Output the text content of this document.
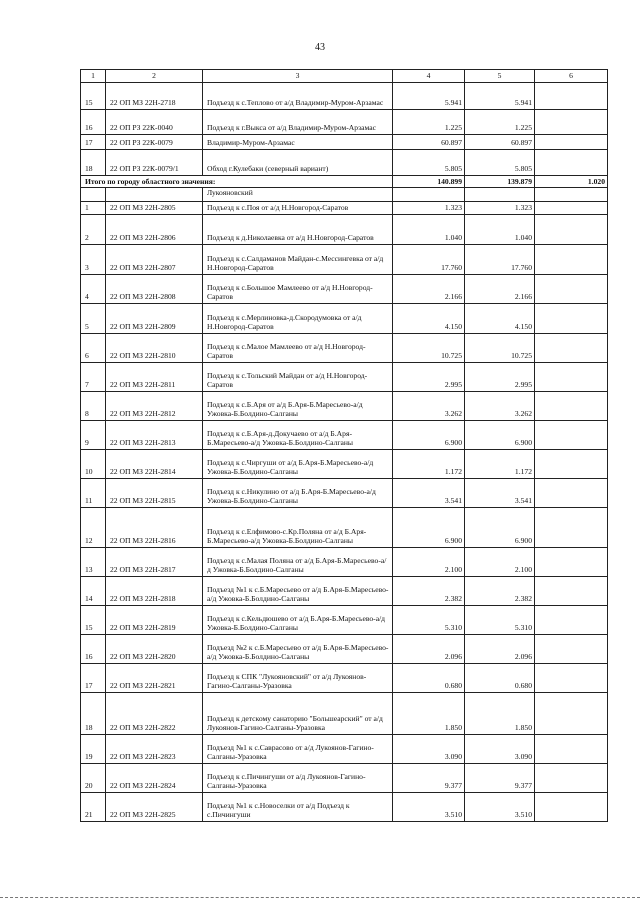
43
1	2	3	4	5	6
15	22 ОП МЗ 22Н-2718	Подъезд к с.Теплово от а/д Владимир-Муром-Арзамас	5.941	5.941	
16	22 ОП РЗ 22К-0040	Подъезд к г.Выкса от а/д Владимир-Муром-Арзамас	1.225	1.225	
17	22 ОП РЗ 22К-0079	Владимир-Муром-Арзамас	60.897	60.897	
18	22 ОП РЗ 22К-0079/1	Обход г.Кулебаки (северный вариант)	5.805	5.805	
Итого по городу областного значения:			140.899	139.879	1.020
		Лукояновский			
1	22 ОП МЗ 22Н-2805	Подъезд к с.Поя от а/д Н.Новгород-Саратов	1.323	1.323	
2	22 ОП МЗ 22Н-2806	Подъезд к д.Николаевка от а/д Н.Новгород-Саратов	1.040	1.040	
3	22 ОП МЗ 22Н-2807	Подъезд к с.Салдаманов Майдан-с.Мессингевка от а/д Н.Новгород-Саратов	17.760	17.760	
4	22 ОП МЗ 22Н-2808	Подъезд к с.Большое Мамлеево от а/д Н.Новгород-Саратов	2.166	2.166	
5	22 ОП МЗ 22Н-2809	Подъезд к с.Мерлиновка-д.Скородумовка от а/д Н.Новгород-Саратов	4.150	4.150	
6	22 ОП МЗ 22Н-2810	Подъезд к с.Малое Мамлеево от а/д Н.Новгород-Саратов	10.725	10.725	
7	22 ОП МЗ 22Н-2811	Подъезд к с.Тольский Майдан от а/д Н.Новгород-Саратов	2.995	2.995	
8	22 ОП МЗ 22Н-2812	Подъезд к с.Б.Аря от а/д Б.Аря-Б.Маресьево-а/д Ужовка-Б.Болдино-Салганы	3.262	3.262	
9	22 ОП МЗ 22Н-2813	Подъезд к с.Б.Аря-д.Докучаево от а/д Б.Аря-Б.Маресьево-а/д Ужовка-Б.Болдино-Салганы	6.900	6.900	
10	22 ОП МЗ 22Н-2814	Подъезд к с.Чиргуши от а/д Б.Аря-Б.Маресьево-а/д Ужовка-Б.Болдино-Салганы	1.172	1.172	
11	22 ОП МЗ 22Н-2815	Подъезд к с.Никулино от а/д Б.Аря-Б.Маресьево-а/д Ужовка-Б.Болдино-Салганы	3.541	3.541	
12	22 ОП МЗ 22Н-2816	Подъезд к с.Елфимово-с.Кр.Поляна от а/д Б.Аря-Б.Маресьево-а/д Ужовка-Б.Болдино-Салганы	6.900	6.900	
13	22 ОП МЗ 22Н-2817	Подъезд к с.Малая Поляна от а/д Б.Аря-Б.Маресьево-а/д Ужовка-Б.Болдино-Салганы	2.100	2.100	
14	22 ОП МЗ 22Н-2818	Подъезд №1 к с.Б.Маресьево от а/д Б.Аря-Б.Маресьево-а/д Ужовка-Б.Болдино-Салганы	2.382	2.382	
15	22 ОП МЗ 22Н-2819	Подъезд к с.Кельдюшево от а/д Б.Аря-Б.Маресьево-а/д Ужовка-Б.Болдино-Салганы	5.310	5.310	
16	22 ОП МЗ 22Н-2820	Подъезд №2 к с.Б.Маресьево от а/д Б.Аря-Б.Маресьево-а/д Ужовка-Б.Болдино-Салганы	2.096	2.096	
17	22 ОП МЗ 22Н-2821	Подъезд к СПК "Лукояновский" от а/д Лукоянов-Гагино-Салганы-Уразовка	0.680	0.680	
18	22 ОП МЗ 22Н-2822	Подъезд к детскому санаторию "Большеарский" от а/д Лукоянов-Гагино-Салганы-Уразовка	1.850	1.850	
19	22 ОП МЗ 22Н-2823	Подъезд №1 к с.Саврасово от а/д Лукоянов-Гагино-Салганы-Уразовка	3.090	3.090	
20	22 ОП МЗ 22Н-2824	Подъезд к с.Пичингуши от а/д Лукоянов-Гагино-Салганы-Уразовка	9.377	9.377	
21	22 ОП МЗ 22Н-2825	Подъезд №1 к с.Новоселки от а/д Подъезд к с.Пичингуши	3.510	3.510	
